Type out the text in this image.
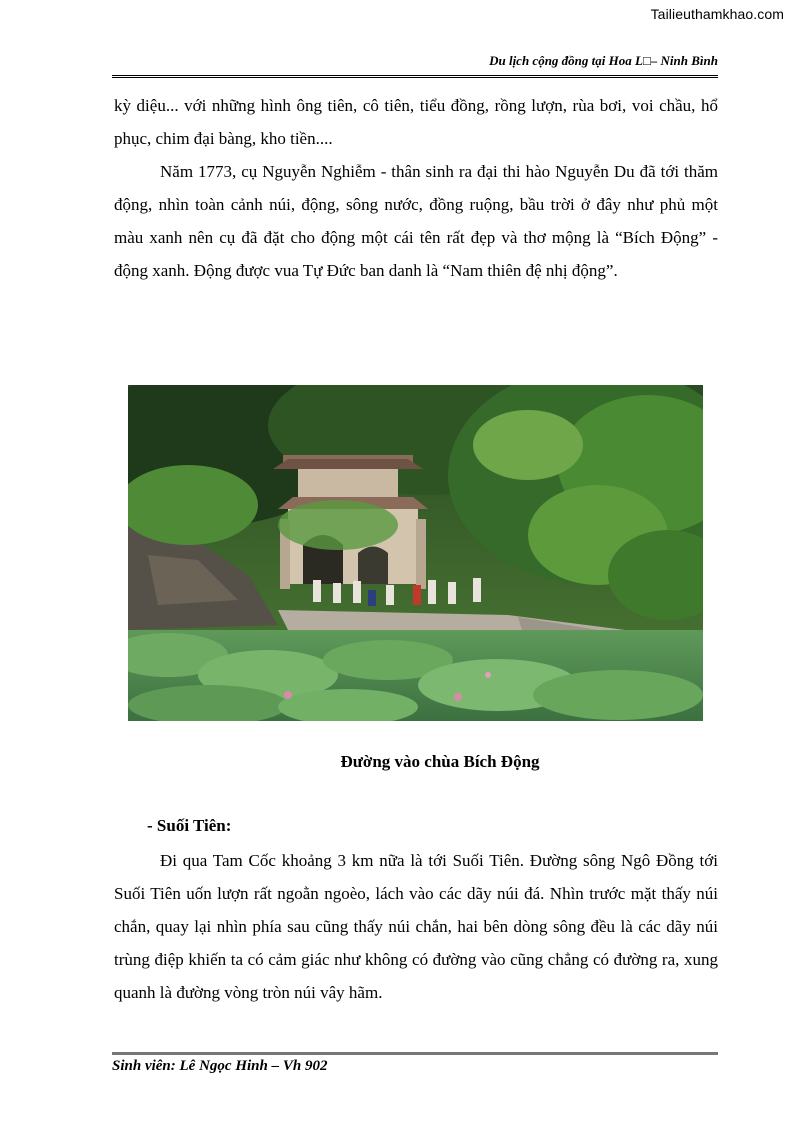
Tailieuthamkhao.com
Du lịch cộng đồng tại Hoa L□– Ninh Bình

kỳ diệu... với những hình ông tiên, cô tiên, tiểu đồng, rồng lượn, rùa bơi, voi chầu, hổ phục, chim đại bàng, kho tiền....

Năm 1773, cụ Nguyễn Nghiễm - thân sinh ra đại thi hào Nguyễn Du đã tới thăm động, nhìn toàn cảnh núi, động, sông nước, đồng ruộng, bầu trời ở đây như phủ một màu xanh nên cụ đã đặt cho động một cái tên rất đẹp và thơ mộng là “Bích Động” - động xanh. Động được vua Tự Đức ban danh là “Nam thiên đệ nhị động”.

Đường vào chùa Bích Động
- Suối Tiên:

Đi qua Tam Cốc khoảng 3 km nữa là tới Suối Tiên. Đường sông Ngô Đồng tới Suối Tiên uốn lượn rất ngoằn ngoèo, lách vào các dãy núi đá. Nhìn trước mặt thấy núi chắn, quay lại nhìn phía sau cũng thấy núi chắn, hai bên dòng sông đều là các dãy núi trùng điệp khiến ta có cảm giác như không có đường vào cũng chẳng có đường ra, xung quanh là đường vòng tròn núi vây hãm.

Sinh viên: Lê Ngọc Hinh – Vh 902
